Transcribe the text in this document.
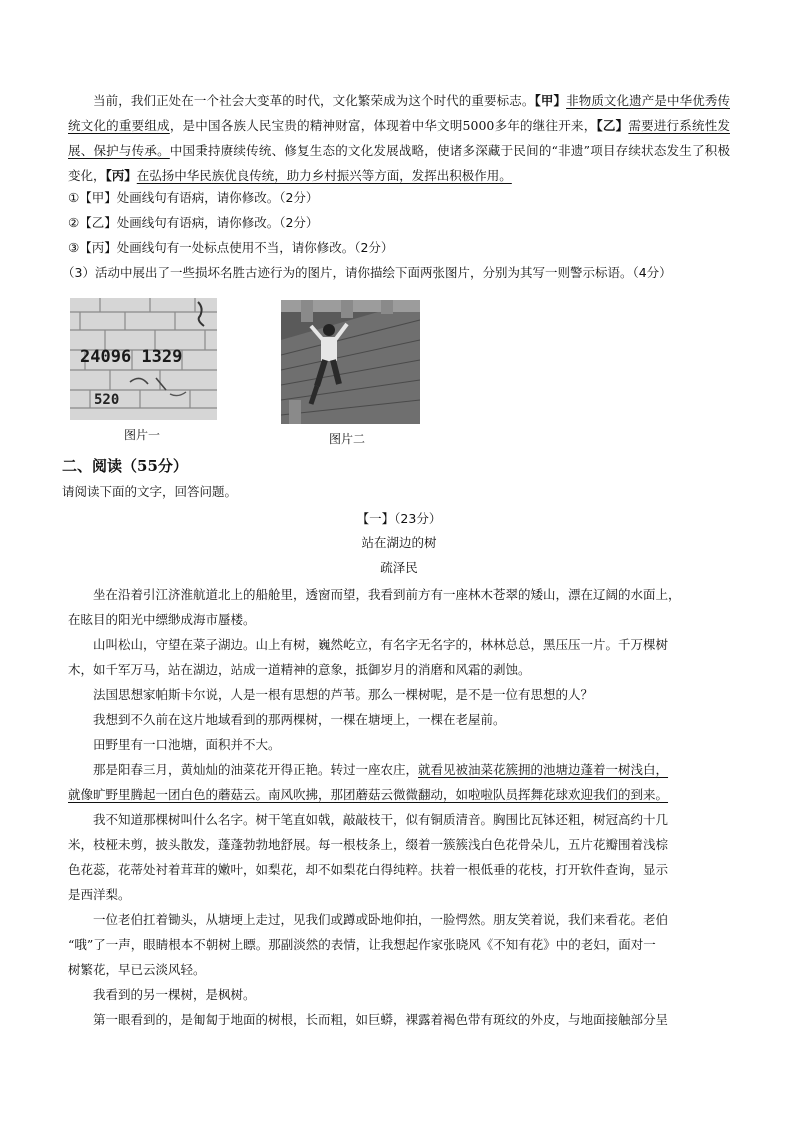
当前，我们正处在一个社会大变革的时代，文化繁荣成为这个时代的重要标志。【甲】非物质文化遗产是中华优秀传统文化的重要组成，是中国各族人民宝贵的精神财富，体现着中华文明5000多年的继往开来，【乙】需要进行系统性发展、保护与传承。中国秉持赓续传统、修复生态的文化发展战略，使诸多深藏于民间的“非遗”项目存续状态发生了积极变化，【丙】在弘扬中华民族优良传统，助力乡村振兴等方面，发挥出积极作用。
①【甲】处画线句有语病，请你修改。（2分）
②【乙】处画线句有语病，请你修改。（2分）
③【丙】处画线句有一处标点使用不当，请你修改。（2分）
（3）活动中展出了一些损坏名胜古迹行为的图片，请你描绘下面两张图片，分别为其写一则警示标语。（4分）
24096 1329
520
图片一	图片二
二、阅读（55分）
请阅读下面的文字，回答问题。
【一】（23分）
站在湖边的树
疏泽民
坐在沿着引江济淮航道北上的船舱里，透窗而望，我看到前方有一座林木苍翠的矮山，漂在辽阔的水面上，
在眩目的阳光中缥缈成海市蜃楼。
山叫松山，守望在菜子湖边。山上有树，巍然屹立，有名字无名字的，林林总总，黑压压一片。千万棵树
木，如千军万马，站在湖边，站成一道精神的意象，抵御岁月的消磨和风霜的剥蚀。
法国思想家帕斯卡尔说，人是一根有思想的芦苇。那么一棵树呢，是不是一位有思想的人？
我想到不久前在这片地域看到的那两棵树，一棵在塘埂上，一棵在老屋前。
田野里有一口池塘，面积并不大。
那是阳春三月，黄灿灿的油菜花开得正艳。转过一座农庄，就看见被油菜花簇拥的池塘边蓬着一树浅白，
就像旷野里腾起一团白色的蘑菇云。南风吹拂，那团蘑菇云微微翻动，如啦啦队员挥舞花球欢迎我们的到来。
我不知道那棵树叫什么名字。树干笔直如戟，敲敲枝干，似有铜质清音。胸围比瓦钵还粗，树冠高约十几
米，枝桠未剪，披头散发，蓬蓬勃勃地舒展。每一根枝条上，缀着一簇簇浅白色花骨朵儿，五片花瓣围着浅棕
色花蕊，花蒂处衬着茸茸的嫩叶，如梨花，却不如梨花白得纯粹。扶着一根低垂的花枝，打开软件查询，显示
是西洋梨。
一位老伯扛着锄头，从塘埂上走过，见我们或蹲或卧地仰拍，一脸愕然。朋友笑着说，我们来看花。老伯
“哦”了一声，眼睛根本不朝树上瞟。那副淡然的表情，让我想起作家张晓风《不知有花》中的老妇，面对一
树繁花，早已云淡风轻。
我看到的另一棵树，是枫树。
第一眼看到的，是匍匐于地面的树根，长而粗，如巨蟒，裸露着褐色带有斑纹的外皮，与地面接触部分呈
